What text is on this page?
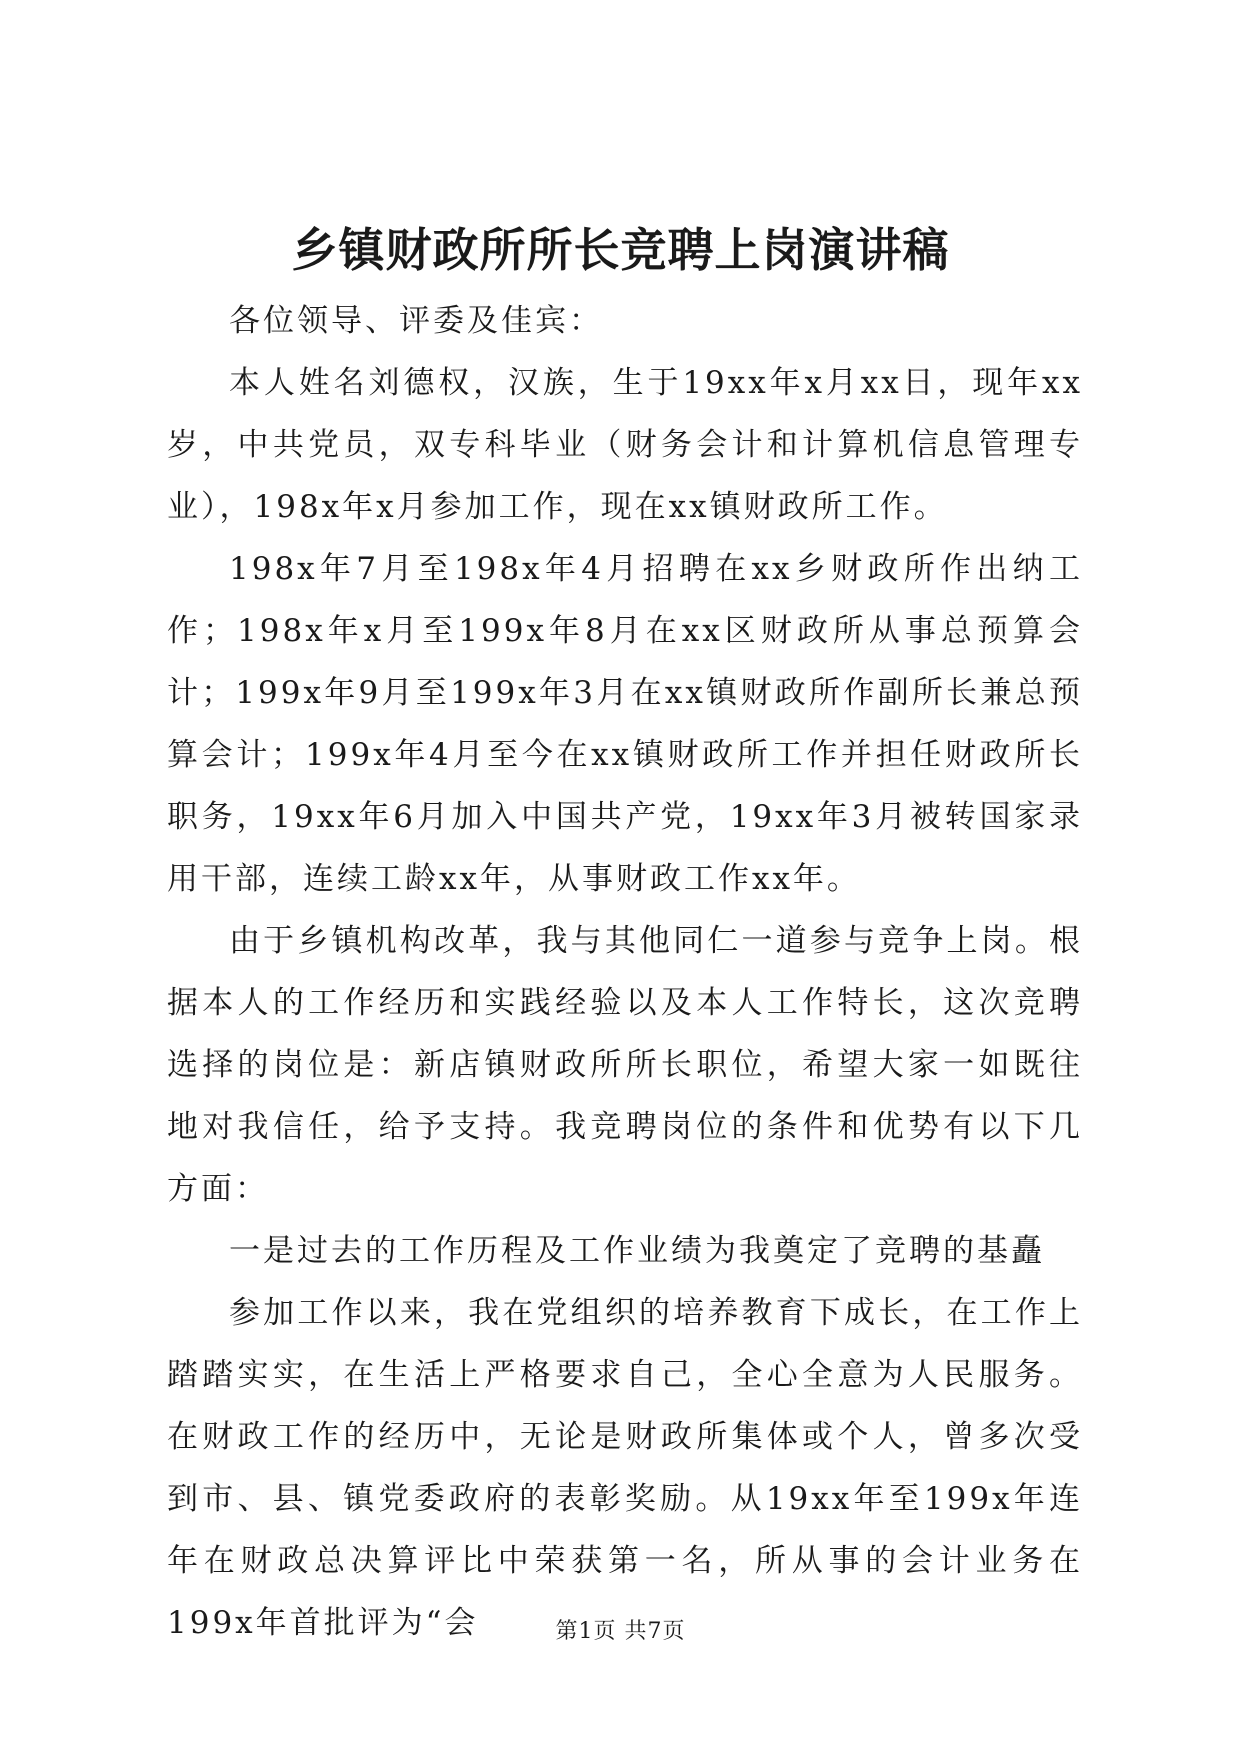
乡镇财政所所长竞聘上岗演讲稿

各位领导、评委及佳宾：

本人姓名刘德权，汉族，生于19xx年x月xx日，现年xx岁，中共党员，双专科毕业（财务会计和计算机信息管理专业），198x年x月参加工作，现在xx镇财政所工作。

198x年7月至198x年4月招聘在xx乡财政所作出纳工作；198x年x月至199x年8月在xx区财政所从事总预算会计；199x年9月至199x年3月在xx镇财政所作副所长兼总预算会计；199x年4月至今在xx镇财政所工作并担任财政所长职务，19xx年6月加入中国共产党，19xx年3月被转国家录用干部，连续工龄xx年，从事财政工作xx年。

由于乡镇机构改革，我与其他同仁一道参与竞争上岗。根据本人的工作经历和实践经验以及本人工作特长，这次竞聘选择的岗位是：新店镇财政所所长职位，希望大家一如既往地对我信任，给予支持。我竞聘岗位的条件和优势有以下几方面：

一是过去的工作历程及工作业绩为我奠定了竞聘的基矗

参加工作以来，我在党组织的培养教育下成长，在工作上踏踏实实，在生活上严格要求自己，全心全意为人民服务。在财政工作的经历中，无论是财政所集体或个人，曾多次受到市、县、镇党委政府的表彰奖励。从19xx年至199x年连年在财政总决算评比中荣获第一名，所从事的会计业务在199x年首批评为“会	第1页 共7页
